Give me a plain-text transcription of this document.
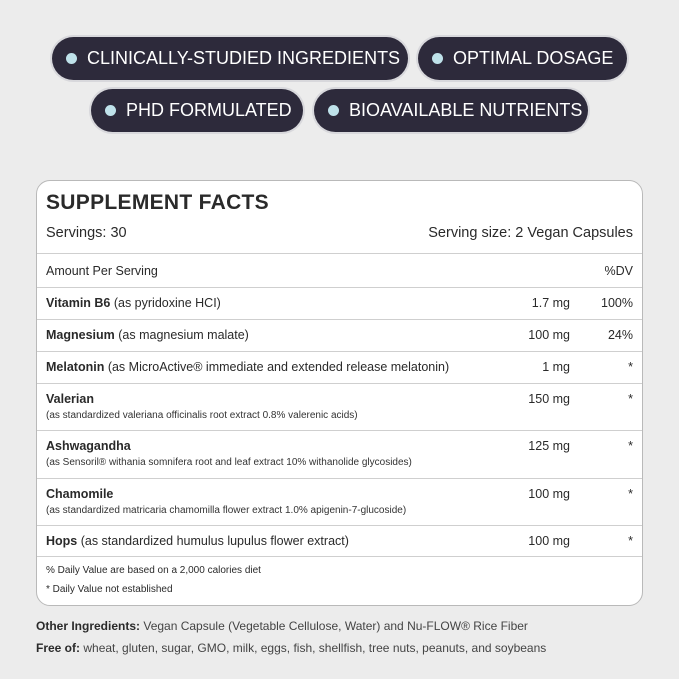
CLINICALLY-STUDIED INGREDIENTS	OPTIMAL DOSAGE
PHD FORMULATED	BIOAVAILABLE NUTRIENTS
SUPPLEMENT FACTS
Servings: 30	Serving size: 2 Vegan Capsules
Amount Per Serving	%DV
Vitamin B6 (as pyridoxine HCI)	1.7 mg 100%
Magnesium (as magnesium malate)	100 mg	24%
Melatonin (as MicroActive® immediate and extended release melatonin)	1 mg	*
Valerian
(as standardized valeriana officinalis root extract 0.8% valerenic acids)
150 mg	*
Ashwagandha
(as Sensoril® withania somnifera root and leaf extract 10% withanolide glycosides)
125 mg	*
Chamomile
(as standardized matricaria chamomilla flower extract 1.0% apigenin-7-glucoside)
100 mg	*
Hops (as standardized humulus lupulus flower extract)	100 mg	*
% Daily Value are based on a 2,000 calories diet
* Daily Value not established
Other Ingredients: Vegan Capsule (Vegetable Cellulose, Water) and Nu-FLOW® Rice Fiber
Free of: wheat, gluten, sugar, GMO, milk, eggs, fish, shellfish, tree nuts, peanuts, and soybeans
